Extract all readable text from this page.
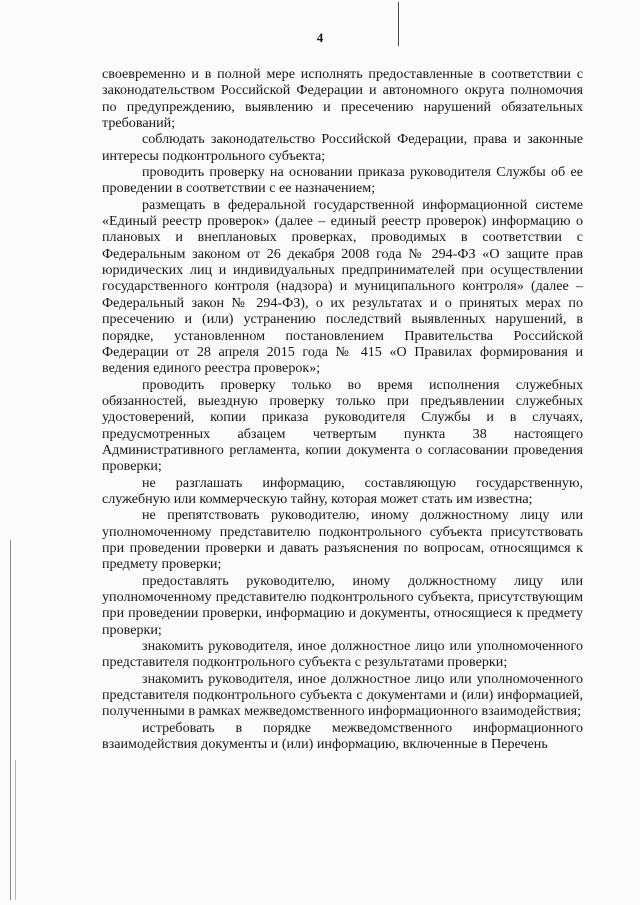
4

своевременно и в полной мере исполнять предоставленные в соответствии с законодательством Российской Федерации и автономного округа полномочия по предупреждению, выявлению и пресечению нарушений обязательных требований;

соблюдать законодательство Российской Федерации, права и законные интересы подконтрольного субъекта;

проводить проверку на основании приказа руководителя Службы об ее проведении в соответствии с ее назначением;

размещать в федеральной государственной информационной системе «Единый реестр проверок» (далее – единый реестр проверок) информацию о плановых и внеплановых проверках, проводимых в соответствии с Федеральным законом от 26 декабря 2008 года № 294-ФЗ «О защите прав юридических лиц и индивидуальных предпринимателей при осуществлении государственного контроля (надзора) и муниципального контроля» (далее – Федеральный закон № 294-ФЗ), о их результатах и о принятых мерах по пресечению и (или) устранению последствий выявленных нарушений, в порядке, установленном постановлением Правительства Российской Федерации от 28 апреля 2015 года № 415 «О Правилах формирования и ведения единого реестра проверок»;

проводить проверку только во время исполнения служебных обязанностей, выездную проверку только при предъявлении служебных удостоверений, копии приказа руководителя Службы и в случаях, предусмотренных абзацем четвертым пункта 38 настоящего Административного регламента, копии документа о согласовании проведения проверки;

не разглашать информацию, составляющую государственную, служебную или коммерческую тайну, которая может стать им известна;

не препятствовать руководителю, иному должностному лицу или уполномоченному представителю подконтрольного субъекта присутствовать при проведении проверки и давать разъяснения по вопросам, относящимся к предмету проверки;

предоставлять руководителю, иному должностному лицу или уполномоченному представителю подконтрольного субъекта, присутствующим при проведении проверки, информацию и документы, относящиеся к предмету проверки;

знакомить руководителя, иное должностное лицо или уполномоченного представителя подконтрольного субъекта с результатами проверки;

знакомить руководителя, иное должностное лицо или уполномоченного представителя подконтрольного субъекта с документами и (или) информацией, полученными в рамках межведомственного информационного взаимодействия;

истребовать в порядке межведомственного информационного взаимодействия документы и (или) информацию, включенные в Перечень
